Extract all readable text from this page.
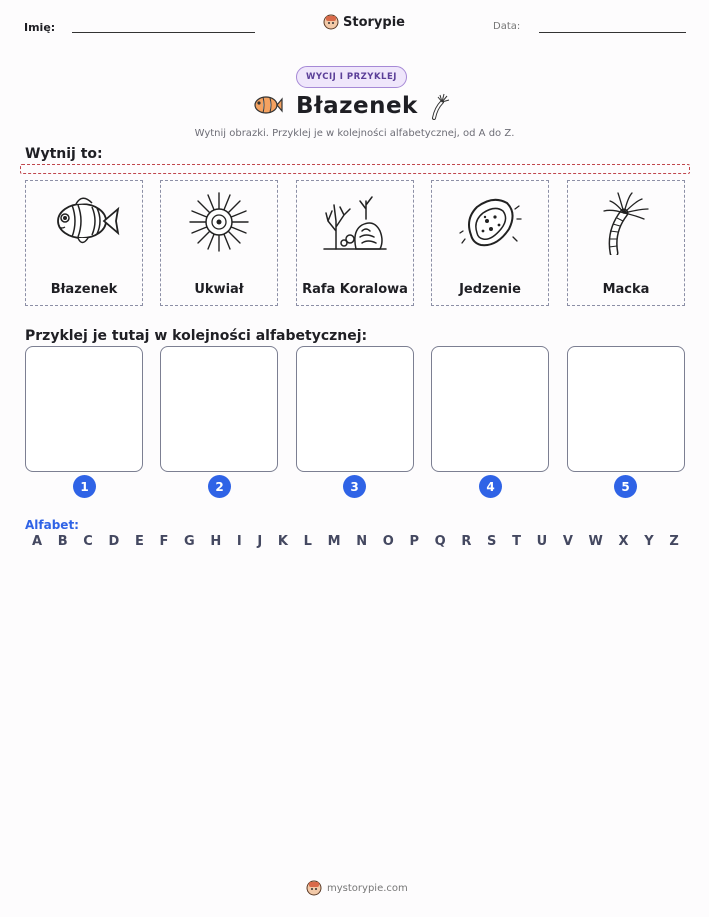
Imię:	Storypie	Data:
WYCIJ I PRZYKLEJ
Błazenek
Wytnij obrazki. Przyklej je w kolejności alfabetycznej, od A do Z.
Wytnij to:
Błazenek	Ukwiał	Rafa Koralowa	Jedzenie	Macka
Przyklej je tutaj w kolejności alfabetycznej:
1	2	3	4	5
Alfabet:
A B C D E F G H I J K L M N O P Q R S T U V W X Y Z
mystorypie.com
